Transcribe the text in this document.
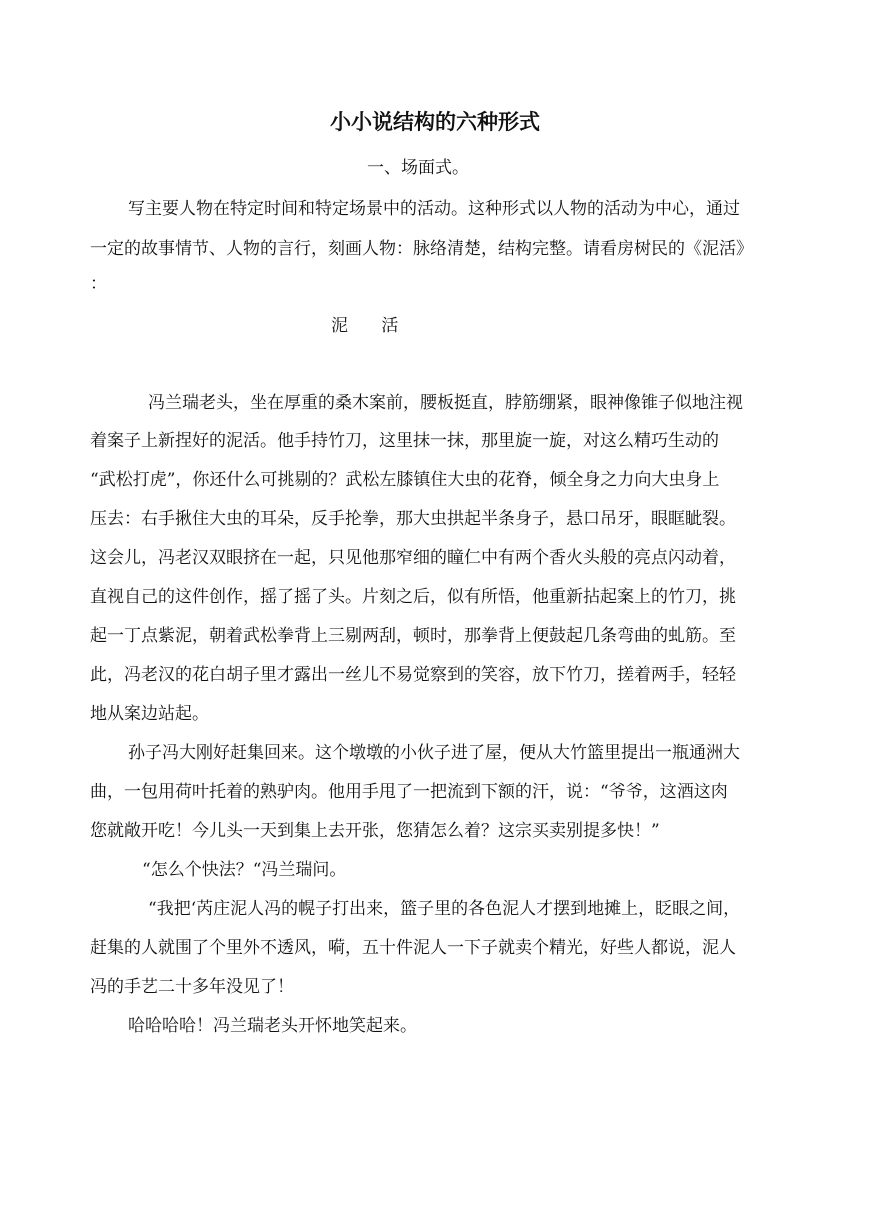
小小说结构的六种形式
一、场面式。
写主要人物在特定时间和特定场景中的活动。这种形式以人物的活动为中心，通过
一定的故事情节、人物的言行，刻画人物：脉络清楚，结构完整。请看房树民的《泥活》
：
泥 活
冯兰瑞老头，坐在厚重的桑木案前，腰板挺直，脖筋绷紧，眼神像锥子似地注视
着案子上新捏好的泥活。他手持竹刀，这里抹一抹，那里旋一旋，对这么精巧生动的
“武松打虎”，你还什么可挑剔的？武松左膝镇住大虫的花脊，倾全身之力向大虫身上
压去：右手揪住大虫的耳朵，反手抡拳，那大虫拱起半条身子，悬口吊牙，眼眶眦裂。
这会儿，冯老汉双眼挤在一起，只见他那窄细的瞳仁中有两个香火头般的亮点闪动着，
直视自己的这件创作，摇了摇了头。片刻之后，似有所悟，他重新拈起案上的竹刀，挑
起一丁点紫泥，朝着武松拳背上三剔两刮，顿时，那拳背上便鼓起几条弯曲的虬筋。至
此，冯老汉的花白胡子里才露出一丝儿不易觉察到的笑容，放下竹刀，搓着两手，轻轻
地从案边站起。
孙子冯大刚好赶集回来。这个墩墩的小伙子进了屋，便从大竹篮里提出一瓶通洲大
曲，一包用荷叶托着的熟驴肉。他用手甩了一把流到下额的汗，说：“爷爷，这酒这肉
您就敞开吃！今儿头一天到集上去开张，您猜怎么着？这宗买卖别提多快！”
“怎么个快法？“冯兰瑞问。
“我把‘芮庄泥人冯的幌子打出来，篮子里的各色泥人才摆到地摊上，眨眼之间，
赶集的人就围了个里外不透风，嗬，五十件泥人一下子就卖个精光，好些人都说，泥人
冯的手艺二十多年没见了！
哈哈哈哈！冯兰瑞老头开怀地笑起来。
